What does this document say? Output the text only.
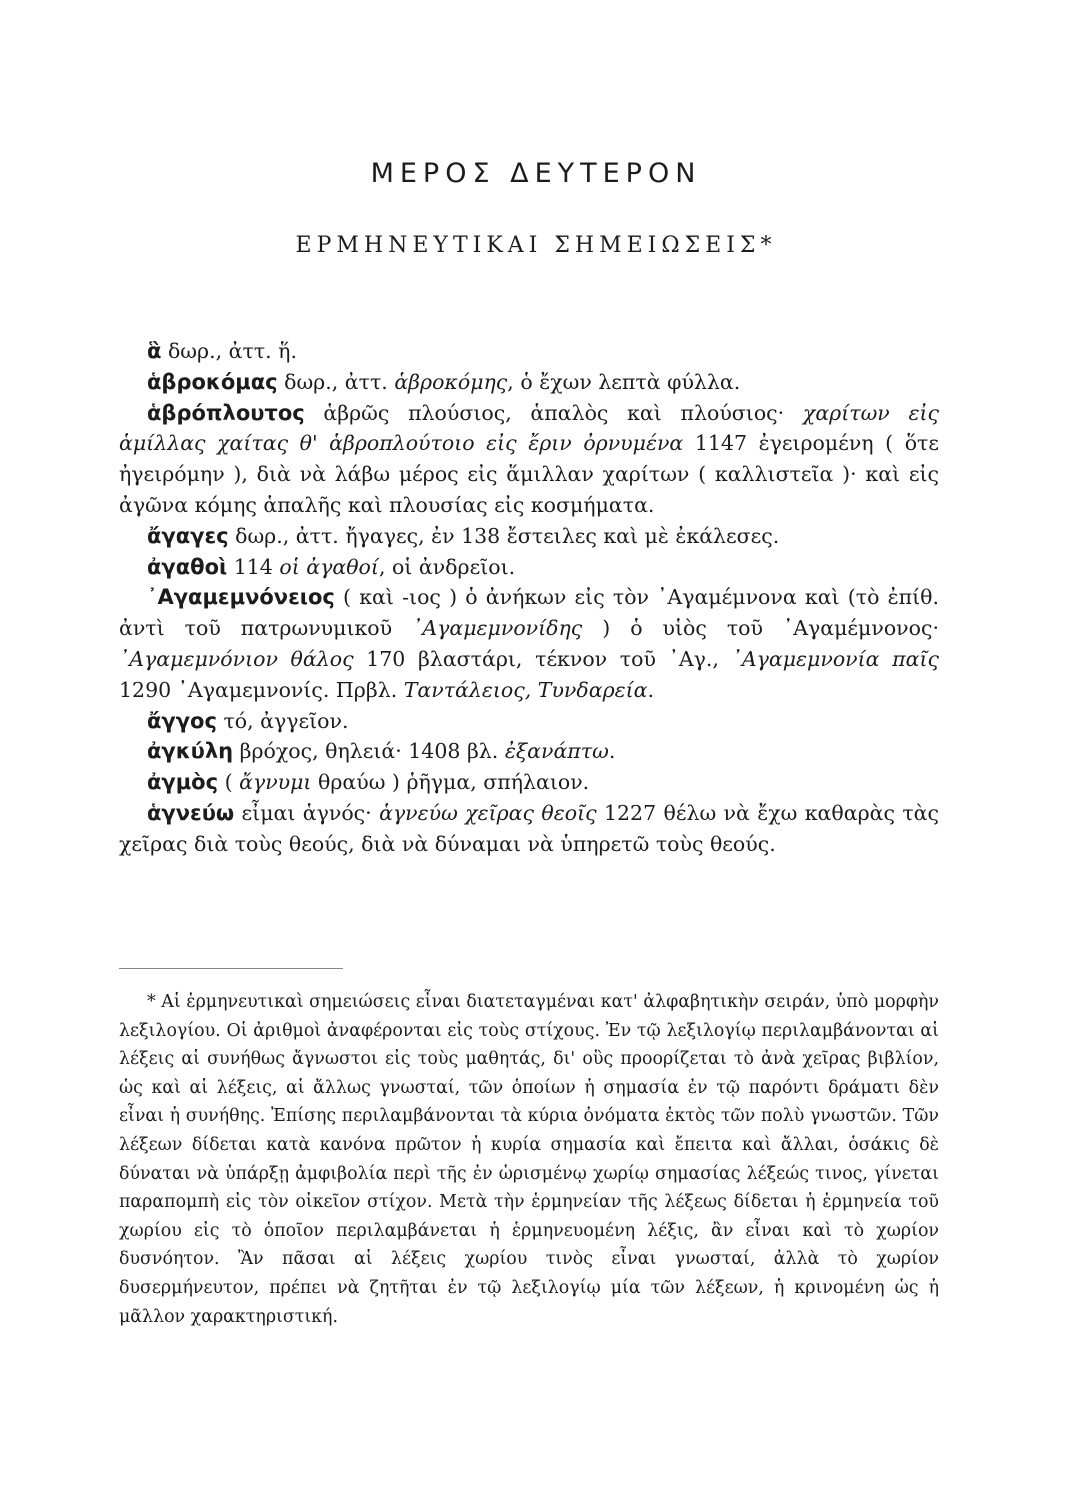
ΜΕΡΟΣ ΔΕΥΤΕΡΟΝ
ΕΡΜΗΝΕΥΤΙΚΑΙ ΣΗΜΕΙΩΣΕΙΣ*

ἃ δωρ., ἀττ. ἥ.

ἁβροκόμας δωρ., ἀττ. ἁβροκόμης, ὁ ἔχων λεπτὰ φύλλα.

ἁβρόπλουτος ἁβρῶς πλούσιος, ἁπαλὸς καὶ πλούσιος· χαρίτων εἰς ἁμίλλας χαίτας θ' ἁβροπλούτοιο εἰς ἔριν ὀρνυμένα 1147 ἐγειρομένη ( ὅτε ἠγειρόμην ), διὰ νὰ λάβω μέρος εἰς ἅμιλλαν χαρίτων ( καλλιστεῖα )· καὶ εἰς ἀγῶνα κόμης ἁπαλῆς καὶ πλουσίας εἰς κοσμήματα.

ἄγαγες δωρ., ἀττ. ἤγαγες, ἐν 138 ἔστειλες καὶ μὲ ἐκάλεσες.

ἀγαθοὶ 114 οἱ ἀγαθοί, οἱ ἀνδρεῖοι.

᾿Αγαμεμνόνειος ( καὶ -ιος ) ὁ ἀνήκων εἰς τὸν ᾿Αγαμέμνονα καὶ (τὸ ἐπίθ. ἀντὶ τοῦ πατρωνυμικοῦ ᾿Αγαμεμνονίδης ) ὁ υἱὸς τοῦ ᾿Αγαμέμνονος· ᾿Αγαμεμνόνιον θάλος 170 βλαστάρι, τέκνον τοῦ ᾿Αγ., ᾿Αγαμεμνονία παῖς 1290 ᾿Αγαμεμνονίς. Πρβλ. Ταντάλειος, Τυνδαρεία.

ἄγγος τό, ἀγγεῖον.

ἀγκύλη βρόχος, θηλειά· 1408 βλ. ἐξανάπτω.

ἀγμὸς ( ἄγνυμι θραύω ) ῥῆγμα, σπήλαιον.

ἁγνεύω εἶμαι ἁγνός· ἁγνεύω χεῖρας θεοῖς 1227 θέλω νὰ ἔχω καθαρὰς τὰς χεῖρας διὰ τοὺς θεούς, διὰ νὰ δύναμαι νὰ ὑπηρετῶ τοὺς θεούς.

* Αἱ ἑρμηνευτικαὶ σημειώσεις εἶναι διατεταγμέναι κατ' ἀλφαβητικὴν σειράν, ὑπὸ μορφὴν λεξιλογίου. Οἱ ἀριθμοὶ ἀναφέρονται εἰς τοὺς στίχους. Ἐν τῷ λεξιλογίῳ περιλαμβάνονται αἱ λέξεις αἱ συνήθως ἄγνωστοι εἰς τοὺς μαθητάς, δι' οὓς προορίζεται τὸ ἀνὰ χεῖρας βιβλίον, ὡς καὶ αἱ λέξεις, αἱ ἄλλως γνωσταί, τῶν ὁποίων ἡ σημασία ἐν τῷ παρόντι δράματι δὲν εἶναι ἡ συνήθης. Ἐπίσης περιλαμβάνονται τὰ κύρια ὀνόματα ἐκτὸς τῶν πολὺ γνωστῶν. Τῶν λέξεων δίδεται κατὰ κανόνα πρῶτον ἡ κυρία σημασία καὶ ἔπειτα καὶ ἄλλαι, ὁσάκις δὲ δύναται νὰ ὑπάρξῃ ἀμφιβολία περὶ τῆς ἐν ὡρισμένῳ χωρίῳ σημασίας λέξεώς τινος, γίνεται παραπομπὴ εἰς τὸν οἰκεῖον στίχον. Μετὰ τὴν ἑρμηνείαν τῆς λέξεως δίδεται ἡ ἑρμηνεία τοῦ χωρίου εἰς τὸ ὁποῖον περιλαμβάνεται ἡ ἑρμηνευομένη λέξις, ἂν εἶναι καὶ τὸ χωρίον δυσνόητον. Ἂν πᾶσαι αἱ λέξεις χωρίου τινὸς εἶναι γνωσταί, ἀλλὰ τὸ χωρίον δυσερμήνευτον, πρέπει νὰ ζητῆται ἐν τῷ λεξιλογίῳ μία τῶν λέξεων, ἡ κρινομένη ὡς ἡ μᾶλλον χαρακτηριστική.
